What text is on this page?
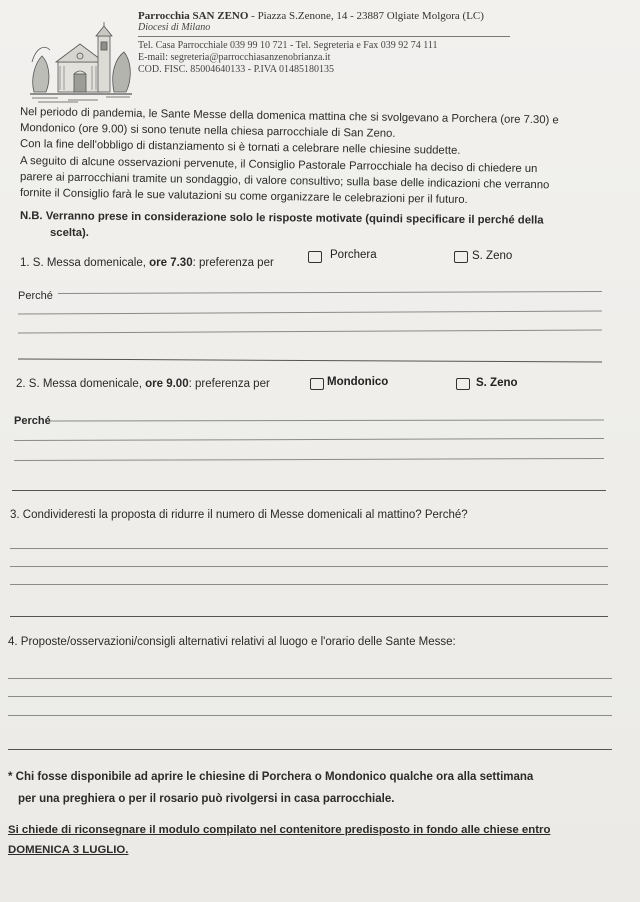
Parrocchia SAN ZENO - Piazza S.Zenone, 14 - 23887 Olgiate Molgora (LC)
Diocesi di Milano
Tel. Casa Parrocchiale 039 99 10 721 - Tel. Segreteria e Fax 039 92 74 111
E-mail: segreteria@parrocchiasanzenobrianza.it
COD. FISC. 85004640133 - P.IVA 01485180135
Nel periodo di pandemia, le Sante Messe della domenica mattina che si svolgevano a Porchera (ore 7.30) e
Mondonico (ore 9.00) si sono tenute nella chiesa parrocchiale di San Zeno.
Con la fine dell'obbligo di distanziamento si è tornati a celebrare nelle chiesine suddette.
A seguito di alcune osservazioni pervenute, il Consiglio Pastorale Parrocchiale ha deciso di chiedere un
parere ai parrocchiani tramite un sondaggio, di valore consultivo; sulla base delle indicazioni che verranno
fornite il Consiglio farà le sue valutazioni su come organizzare le celebrazioni per il futuro.
N.B. Verranno prese in considerazione solo le risposte motivate (quindi specificare il perché della
scelta).
1. S. Messa domenicale, ore 7.30: preferenza per
Porchera	S. Zeno
Perché
2. S. Messa domenicale, ore 9.00: preferenza per	Mondonico	S. Zeno
Perché
3. Condivideresti la proposta di ridurre il numero di Messe domenicali al mattino? Perché?
4. Proposte/osservazioni/consigli alternativi relativi al luogo e l'orario delle Sante Messe:
* Chi fosse disponibile ad aprire le chiesine di Porchera o Mondonico qualche ora alla settimana
per una preghiera o per il rosario può rivolgersi in casa parrocchiale.
Si chiede di riconsegnare il modulo compilato nel contenitore predisposto in fondo alle chiese entro
DOMENICA 3 LUGLIO.
